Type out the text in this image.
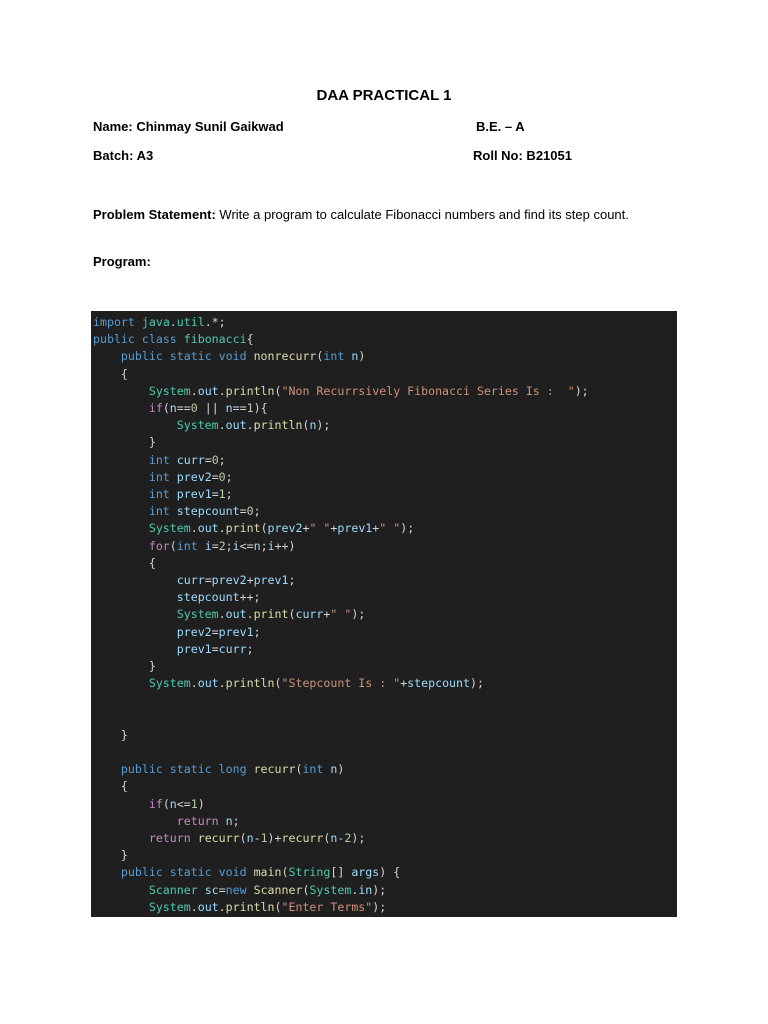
DAA PRACTICAL 1
Name: Chinmay Sunil Gaikwad	B.E. – A
Batch: A3	Roll No: B21051
Problem Statement: Write a program to calculate Fibonacci numbers and find its step count.
Program:
import java.util.*;
public class fibonacci{
public static void nonrecurr(int n)
{
System.out.println("Non Recurrsively Fibonacci Series Is :  ");
if(n==0 || n==1){
System.out.println(n);
}
int curr=0;
int prev2=0;
int prev1=1;
int stepcount=0;
System.out.print(prev2+" "+prev1+" ");
for(int i=2;i<=n;i++)
{
curr=prev2+prev1;
stepcount++;
System.out.print(curr+" ");
prev2=prev1;
prev1=curr;
}
System.out.println("Stepcount Is : "+stepcount);
}
public static long recurr(int n)
{
if(n<=1)
return n;
return recurr(n-1)+recurr(n-2);
}
public static void main(String[] args) {
Scanner sc=new Scanner(System.in);
System.out.println("Enter Terms");
